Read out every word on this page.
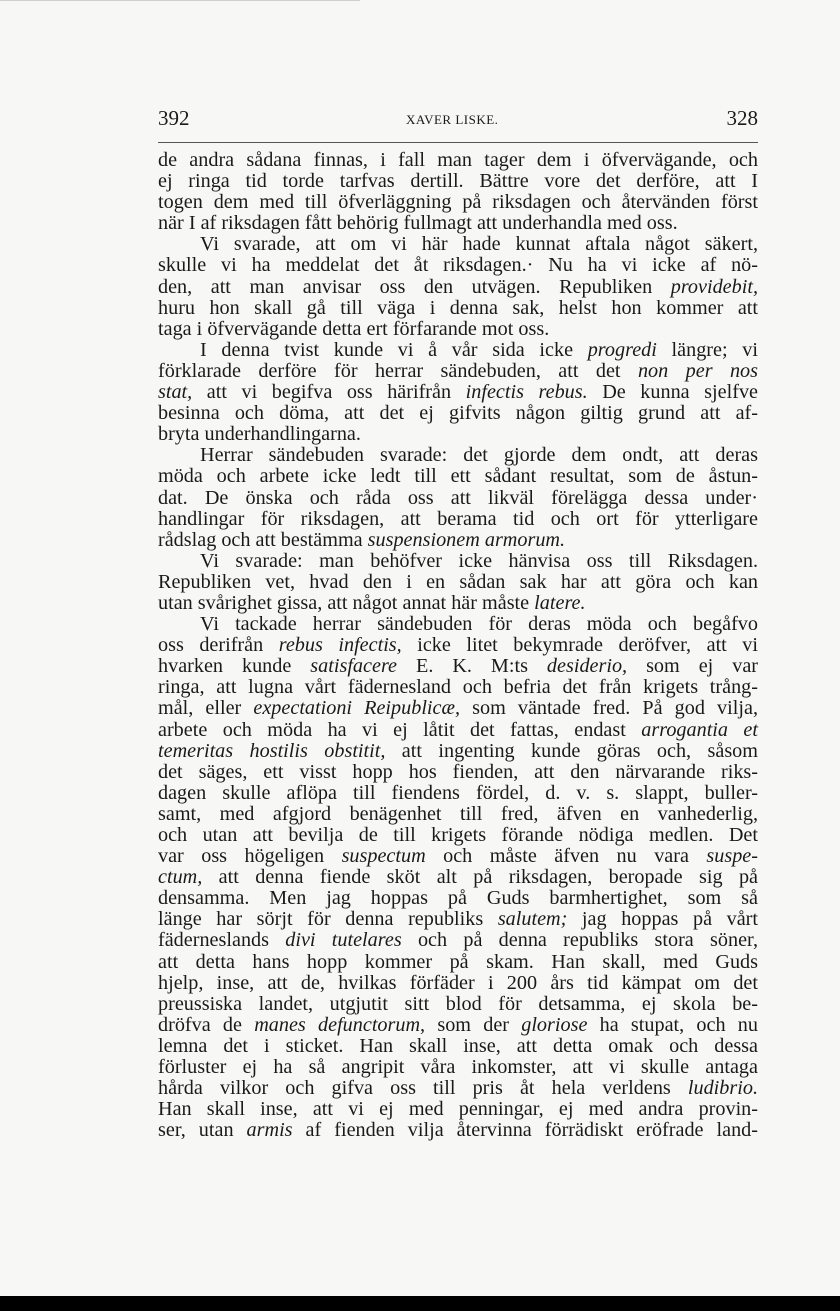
392	XAVER LISKE.	328
de andra sådana finnas, i fall man tager dem i öfvervägande, och
ej ringa tid torde tarfvas dertill. Bättre vore det derföre, att I
togen dem med till öfverläggning på riksdagen och återvänden först
när I af riksdagen fått behörig fullmagt att underhandla med oss.
Vi svarade, att om vi här hade kunnat aftala något säkert,
skulle vi ha meddelat det åt riksdagen.· Nu ha vi icke af nö-
den, att man anvisar oss den utvägen. Republiken providebit,
huru hon skall gå till väga i denna sak, helst hon kommer att
taga i öfvervägande detta ert förfarande mot oss.
I denna tvist kunde vi å vår sida icke progredi längre; vi
förklarade derföre för herrar sändebuden, att det non per nos
stat, att vi begifva oss härifrån infectis rebus. De kunna sjelfve
besinna och döma, att det ej gifvits någon giltig grund att af-
bryta underhandlingarna.
Herrar sändebuden svarade: det gjorde dem ondt, att deras
möda och arbete icke ledt till ett sådant resultat, som de åstun-
dat. De önska och råda oss att likväl förelägga dessa under·
handlingar för riksdagen, att berama tid och ort för ytterligare
rådslag och att bestämma suspensionem armorum.
Vi svarade: man behöfver icke hänvisa oss till Riksdagen.
Republiken vet, hvad den i en sådan sak har att göra och kan
utan svårighet gissa, att något annat här måste latere.
Vi tackade herrar sändebuden för deras möda och begåfvo
oss derifrån rebus infectis, icke litet bekymrade deröfver, att vi
hvarken kunde satisfacere E. K. M:ts desiderio, som ej var
ringa, att lugna vårt fädernesland och befria det från krigets trång-
mål, eller expectationi Reipublicæ, som väntade fred. På god vilja,
arbete och möda ha vi ej låtit det fattas, endast arrogantia et
temeritas hostilis obstitit, att ingenting kunde göras och, såsom
det säges, ett visst hopp hos fienden, att den närvarande riks-
dagen skulle aflöpa till fiendens fördel, d. v. s. slappt, buller-
samt, med afgjord benägenhet till fred, äfven en vanhederlig,
och utan att bevilja de till krigets förande nödiga medlen. Det
var oss högeligen suspectum och måste äfven nu vara suspe-
ctum, att denna fiende sköt alt på riksdagen, beropade sig på
densamma. Men jag hoppas på Guds barmhertighet, som så
länge har sörjt för denna republiks salutem; jag hoppas på vårt
fäderneslands divi tutelares och på denna republiks stora söner,
att detta hans hopp kommer på skam. Han skall, med Guds
hjelp, inse, att de, hvilkas förfäder i 200 års tid kämpat om det
preussiska landet, utgjutit sitt blod för detsamma, ej skola be-
dröfva de manes defunctorum, som der gloriose ha stupat, och nu
lemna det i sticket. Han skall inse, att detta omak och dessa
förluster ej ha så angripit våra inkomster, att vi skulle antaga
hårda vilkor och gifva oss till pris åt hela verldens ludibrio.
Han skall inse, att vi ej med penningar, ej med andra provin-
ser, utan armis af fienden vilja återvinna förrädiskt eröfrade land-
